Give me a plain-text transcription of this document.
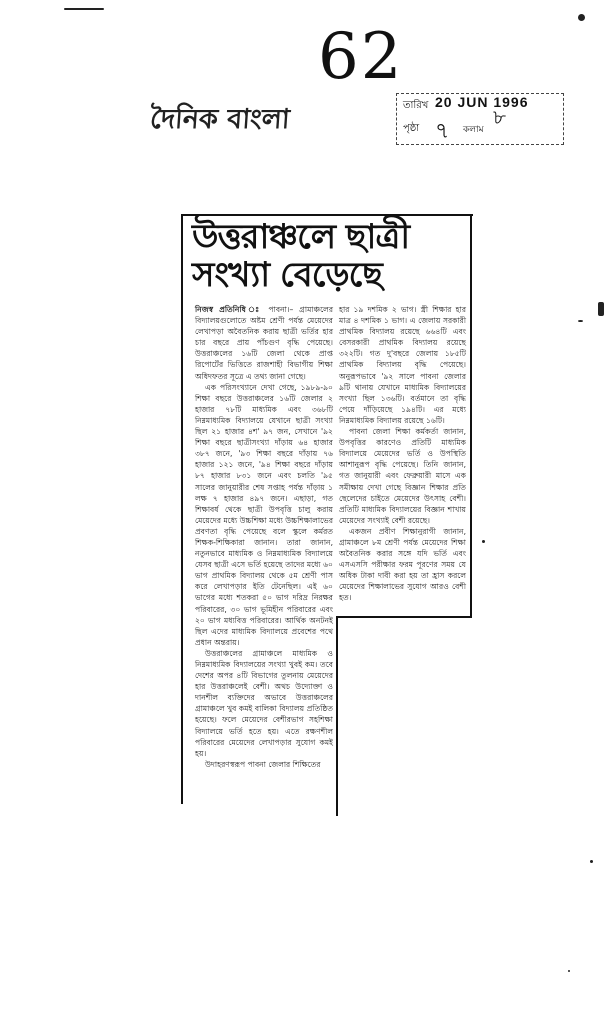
62
দৈনিক বাংলা	তারিখ 20 JUN 1996
পৃষ্ঠা ৭ কলাম
৮
উত্তরাঞ্চলে ছাত্রী
সংখ্যা বেড়েছে

নিজস্ব প্রতিনিধি ঃ পাবনা।– গ্রামাঞ্চলের বিদ্যালয়গুলোতে অষ্টম শ্রেণী পর্যন্ত মেয়েদের লেখাপড়া অবৈতনিক করায় ছাত্রী ভর্তির হার চার বছরে প্রায় পাঁচগুণ বৃদ্ধি পেয়েছে। উত্তরাঞ্চলের ১৬টি জেলা থেকে প্রাপ্ত রিপোর্টের ভিত্তিতে রাজশাহী বিভাগীয় শিক্ষা অধিদফতর সূত্রে এ তথ্য জানা গেছে।

এক পরিসংখ্যানে দেখা গেছে, ১৯৮৯-৯০ শিক্ষা বছরে উত্তরাঞ্চলের ১৬টি জেলার ২ হাজার ৭৮টি মাধ্যমিক এবং ৩৬৮টি নিম্নমাধ্যমিক বিদ্যালয়ে যেখানে ছাত্রী সংখ্যা ছিল ২১ হাজার ৪শ' ৯৭ জন, সেখানে '৯২ শিক্ষা বছরে ছাত্রীসংখ্যা দাঁড়ায় ৬৪ হাজার ৩৮৭ জনে, '৯৩ শিক্ষা বছরে দাঁড়ায় ৭৬ হাজার ১২১ জনে, '৯৪ শিক্ষা বছরে দাঁড়ায় ৮৭ হাজার ৮৩১ জনে এবং চলতি '৯৫ সালের জানুয়ারীর শেষ সপ্তাহ পর্যন্ত দাঁড়ায় ১ লক্ষ ৭ হাজার ৪৯৭ জনে। এছাড়া, গত শিক্ষাবর্ষ থেকে ছাত্রী উপবৃত্তি চালু করায় মেয়েদের মধ্যে উচ্চশিক্ষা মধ্যে উচ্চশিক্ষালাভের প্রবণতা বৃদ্ধি পেয়েছে বলে স্কুলে কর্মরত শিক্ষক-শিক্ষিকারা জানান। তারা জানান, নতুনভাবে মাধ্যমিক ও নিম্নমাধ্যমিক বিদ্যালয়ে যেসব ছাত্রী এসে ভর্তি হয়েছে তাদের মধ্যে ৬০ ভাগ প্রাথমিক বিদ্যালয় থেকে ৫ম শ্রেণী পাস করে লেখাপড়ার ইতি টেনেছিল। এই ৬০ ভাগের মধ্যে শতকরা ৫০ ভাগ দরিদ্র নিরক্ষর পরিবারের, ৩০ ভাগ ভূমিহীন পরিবারের এবং ২০ ভাগ মধ্যবিত্ত পরিবারের। আর্থিক অনটনই ছিল এদের মাধ্যমিক বিদ্যালয়ে প্রবেশের পথে প্রধান অন্তরায়।

উত্তরাঞ্চলের গ্রামাঞ্চলে মাধ্যমিক ও নিম্নমাধ্যমিক বিদ্যালয়ের সংখ্যা খুবই কম। তবে দেশের অপর ৪টি বিভাগের তুলনায় মেয়েদের হার উত্তরাঞ্চলেই বেশী। অথচ উদ্যোক্তা ও দানশীল ব্যক্তিদের অভাবে উত্তরাঞ্চলের গ্রামাঞ্চলে খুব কমই বালিকা বিদ্যালয় প্রতিষ্ঠিত হয়েছে। ফলে মেয়েদের বেশীরভাগ সহশিক্ষা বিদ্যালয়ে ভর্তি হতে হয়। এতে রক্ষণশীল পরিবারের মেয়েদের লেখাপড়ার সুযোগ কমই হয়।

উদাহরণস্বরূপ পাবনা জেলার শিক্ষিতের

হার ১৯ দশমিক ২ ভাগ। স্ত্রী শিক্ষার হার মাত্র ৪ দশমিক ১ ভাগ। এ জেলায় সরকারী প্রাথমিক বিদ্যালয় রয়েছে ৬৬৪টি এবং বেসরকারী প্রাথমিক বিদ্যালয় রয়েছে ৩২২টি। গত দু'বছরে জেলায় ১৮৫টি প্রাথমিক বিদ্যালয় বৃদ্ধি পেয়েছে। অনুরূপভাবে '৯২ সালে পাবনা জেলার ৯টি থানায় যেখানে মাধ্যমিক বিদ্যালয়ের সংখ্যা ছিল ১৩৬টি। বর্তমানে তা বৃদ্ধি পেয়ে দাঁড়িয়েছে ১৯৪টি। এর মধ্যে নিম্নমাধ্যমিক বিদ্যালয় রয়েছে ১৬টি।

পাবনা জেলা শিক্ষা কর্মকর্তা জানান, উপবৃত্তির কারণেও প্রতিটি মাধ্যমিক বিদ্যালয়ে মেয়েদের ভর্তি ও উপস্থিতি আশানুরূপ বৃদ্ধি পেয়েছে। তিনি জানান, গত জানুয়ারী এবং ফেব্রুয়ারী মাসে এক সমীক্ষায় দেখা গেছে বিজ্ঞান শিক্ষার প্রতি ছেলেদের চাইতে মেয়েদের উৎসাহ বেশী। প্রতিটি মাধ্যমিক বিদ্যালয়ের বিজ্ঞান শাখায় মেয়েদের সংখ্যাই বেশী রয়েছে।

একজন প্রবীণ শিক্ষানুরাগী জানান, গ্রামাঞ্চলে ৮ম শ্রেণী পর্যন্ত মেয়েদের শিক্ষা অবৈতনিক করার সঙ্গে যদি ভর্তি এবং এসএসসি পরীক্ষার ফরম পূরণের সময় যে অধিক টাকা দাবী করা হয় তা হ্রাস করলে মেয়েদের শিক্ষালাভের সুযোগ আরও বেশী হত।
